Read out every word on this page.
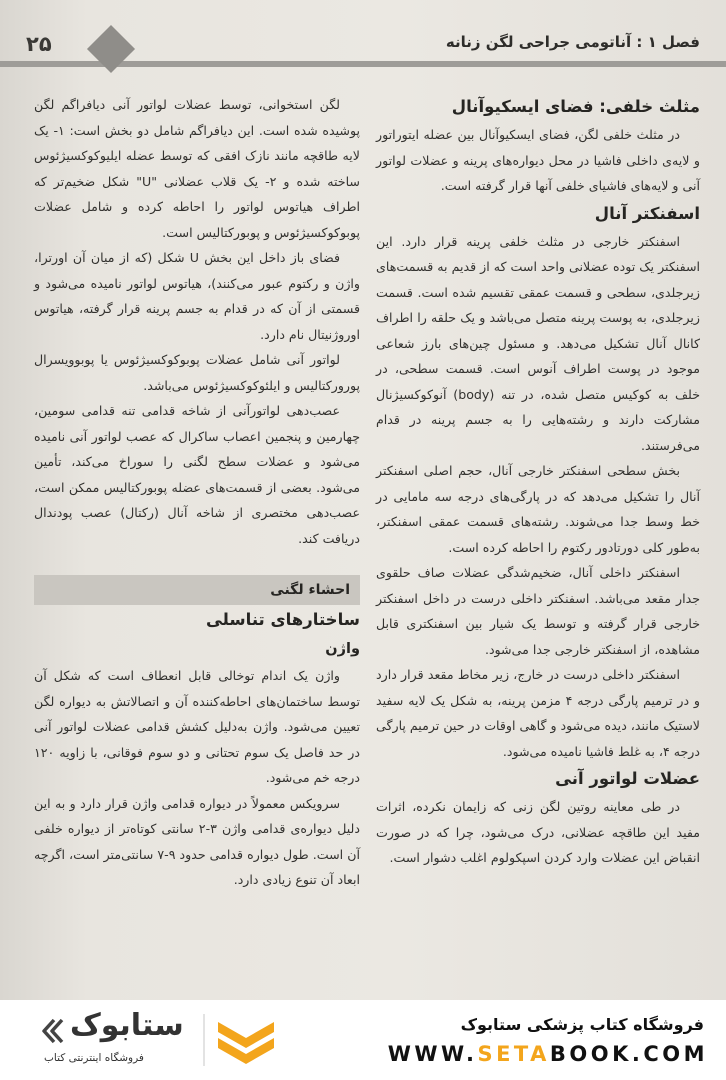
۲۵	فصل ۱ : آناتومی جراحی لگن زنانه
مثلث خلفی: فضای ایسکیوآنال

در مثلث خلفی لگن، فضای ایسکیوآنال بین عضله ایتوراتور و لایه‌ی داخلی فاشیا در محل دیواره‌های پرینه و عضلات لواتور آنی و لایه‌های فاشیای خلفی آنها قرار گرفته است.

اسفنکتر آنال

اسفنکتر خارجی در مثلث خلفی پرینه قرار دارد. این اسفنکتر یک توده عضلانی واحد است که از قدیم به قسمت‌های زیرجلدی، سطحی و قسمت عمقی تقسیم شده است. قسمت زیرجلدی، به پوست پرینه متصل می‌باشد و یک حلقه را اطراف کانال آنال تشکیل می‌دهد. و مسئول چین‌های بارز شعاعی موجود در پوست اطراف آنوس است. قسمت سطحی، در خلف به کوکیس متصل شده، در تنه (body) آنوکوکسیژنال مشارکت دارند و رشته‌هایی را به جسم پرینه در قدام می‌فرستند.

بخش سطحی اسفنکتر خارجی آنال، حجم اصلی اسفنکتر آنال را تشکیل می‌دهد که در پارگی‌های درجه سه مامایی در خط وسط جدا می‌شوند. رشته‌های قسمت عمقی اسفنکتر، به‌طور کلی دورتادور رکتوم را احاطه کرده است.

اسفنکتر داخلی آنال، ضخیم‌شدگی عضلات صاف حلقوی جدار مقعد می‌باشد. اسفنکتر داخلی درست در داخل اسفنکتر خارجی قرار گرفته و توسط یک شیار بین اسفنکتری قابل مشاهده، از اسفنکتر خارجی جدا می‌شود.

اسفنکتر داخلی درست در خارج، زیر مخاط مقعد قرار دارد و در ترمیم پارگی درجه ۴ مزمن پرینه، به شکل یک لایه سفید لاستیک مانند، دیده می‌شود و گاهی اوقات در حین ترمیم پارگی درجه ۴، به غلط فاشیا نامیده می‌شود.

عضلات لواتور آنی

در طی معاینه روتین لگن زنی که زایمان نکرده، اثرات مفید این طاقچه عضلانی، درک می‌شود، چرا که در صورت انقباض این عضلات وارد کردن اسپکولوم اغلب دشوار است.

لگن استخوانی، توسط عضلات لواتور آنی دیافراگم لگن پوشیده شده است. این دیافراگم شامل دو بخش است: ۱- یک لایه طاقچه مانند نازک افقی که توسط عضله ایلیوکوکسیژئوس ساخته شده و ۲- یک قلاب عضلانی "U" شکل ضخیم‌تر که اطراف هیاتوس لواتور را احاطه کرده و شامل عضلات پوبوکوکسیژئوس و پوبورکتالیس است.

فضای باز داخل این بخش U شکل (که از میان آن اورترا، واژن و رکتوم عبور می‌کنند)، هیاتوس لواتور نامیده می‌شود و قسمتی از آن که در قدام به جسم پرینه قرار گرفته، هیاتوس اوروژنیتال نام دارد.

لواتور آنی شامل عضلات پوبوکوکسیژئوس یا پوبوویسرال پورورکتالیس و ایلئوکوکسیژئوس می‌باشد.

عصب‌دهی لواتورآنی از شاخه قدامی تنه قدامی سومین، چهارمین و پنجمین اعصاب ساکرال که عصب لواتور آنی نامیده می‌شود و عضلات سطح لگنی را سوراخ می‌کند، تأمین می‌شود. بعضی از قسمت‌های عضله پوبورکتالیس ممکن است، عصب‌دهی مختصری از شاخه آنال (رکتال) عصب پودندال دریافت کند.

احشاء لگنی
ساختارهای تناسلی
واژن

واژن یک اندام توخالی قابل انعطاف است که شکل آن توسط ساختمان‌های احاطه‌کننده آن و اتصالاتش به دیواره لگن تعیین می‌شود. واژن به‌دلیل کشش قدامی عضلات لواتور آنی در حد فاصل یک سوم تحتانی و دو سوم فوقانی، با زاویه ۱۲۰ درجه خم می‌شود.

سرویکس معمولاً در دیواره قدامی واژن قرار دارد و به این دلیل دیواره‌ی قدامی واژن ۳-۲ سانتی کوتاه‌تر از دیواره خلفی آن است. طول دیواره قدامی حدود ۹-۷ سانتی‌متر است، اگرچه ابعاد آن تنوع زیادی دارد.

ستابوک
فروشگاه اینترنتی کتاب
فروشگاه کتاب پزشکی ستابوک
WWW.SETABOOK.COM
